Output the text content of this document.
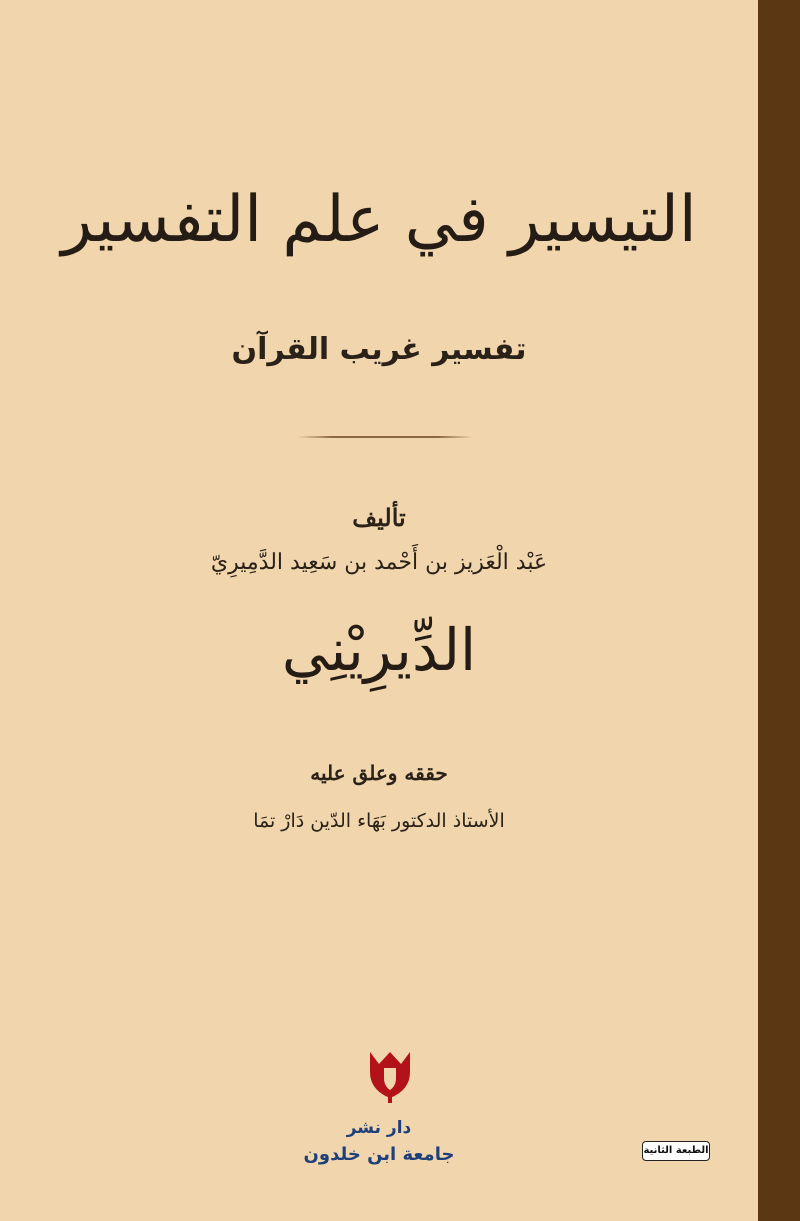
التيسير في علم التفسير
تفسير غريب القرآن
تأليف
عَبْد الْعَزيز بن أَحْمد بن سَعِيد الدَّمِيرِيّ
الدِّيرِيْنِي
حققه وعلق عليه
الأستاذ الدكتور بَهَاء الدّين دَارْ تمَا
دار نشر
جامعة ابن خلدون	الطبعة الثانية
